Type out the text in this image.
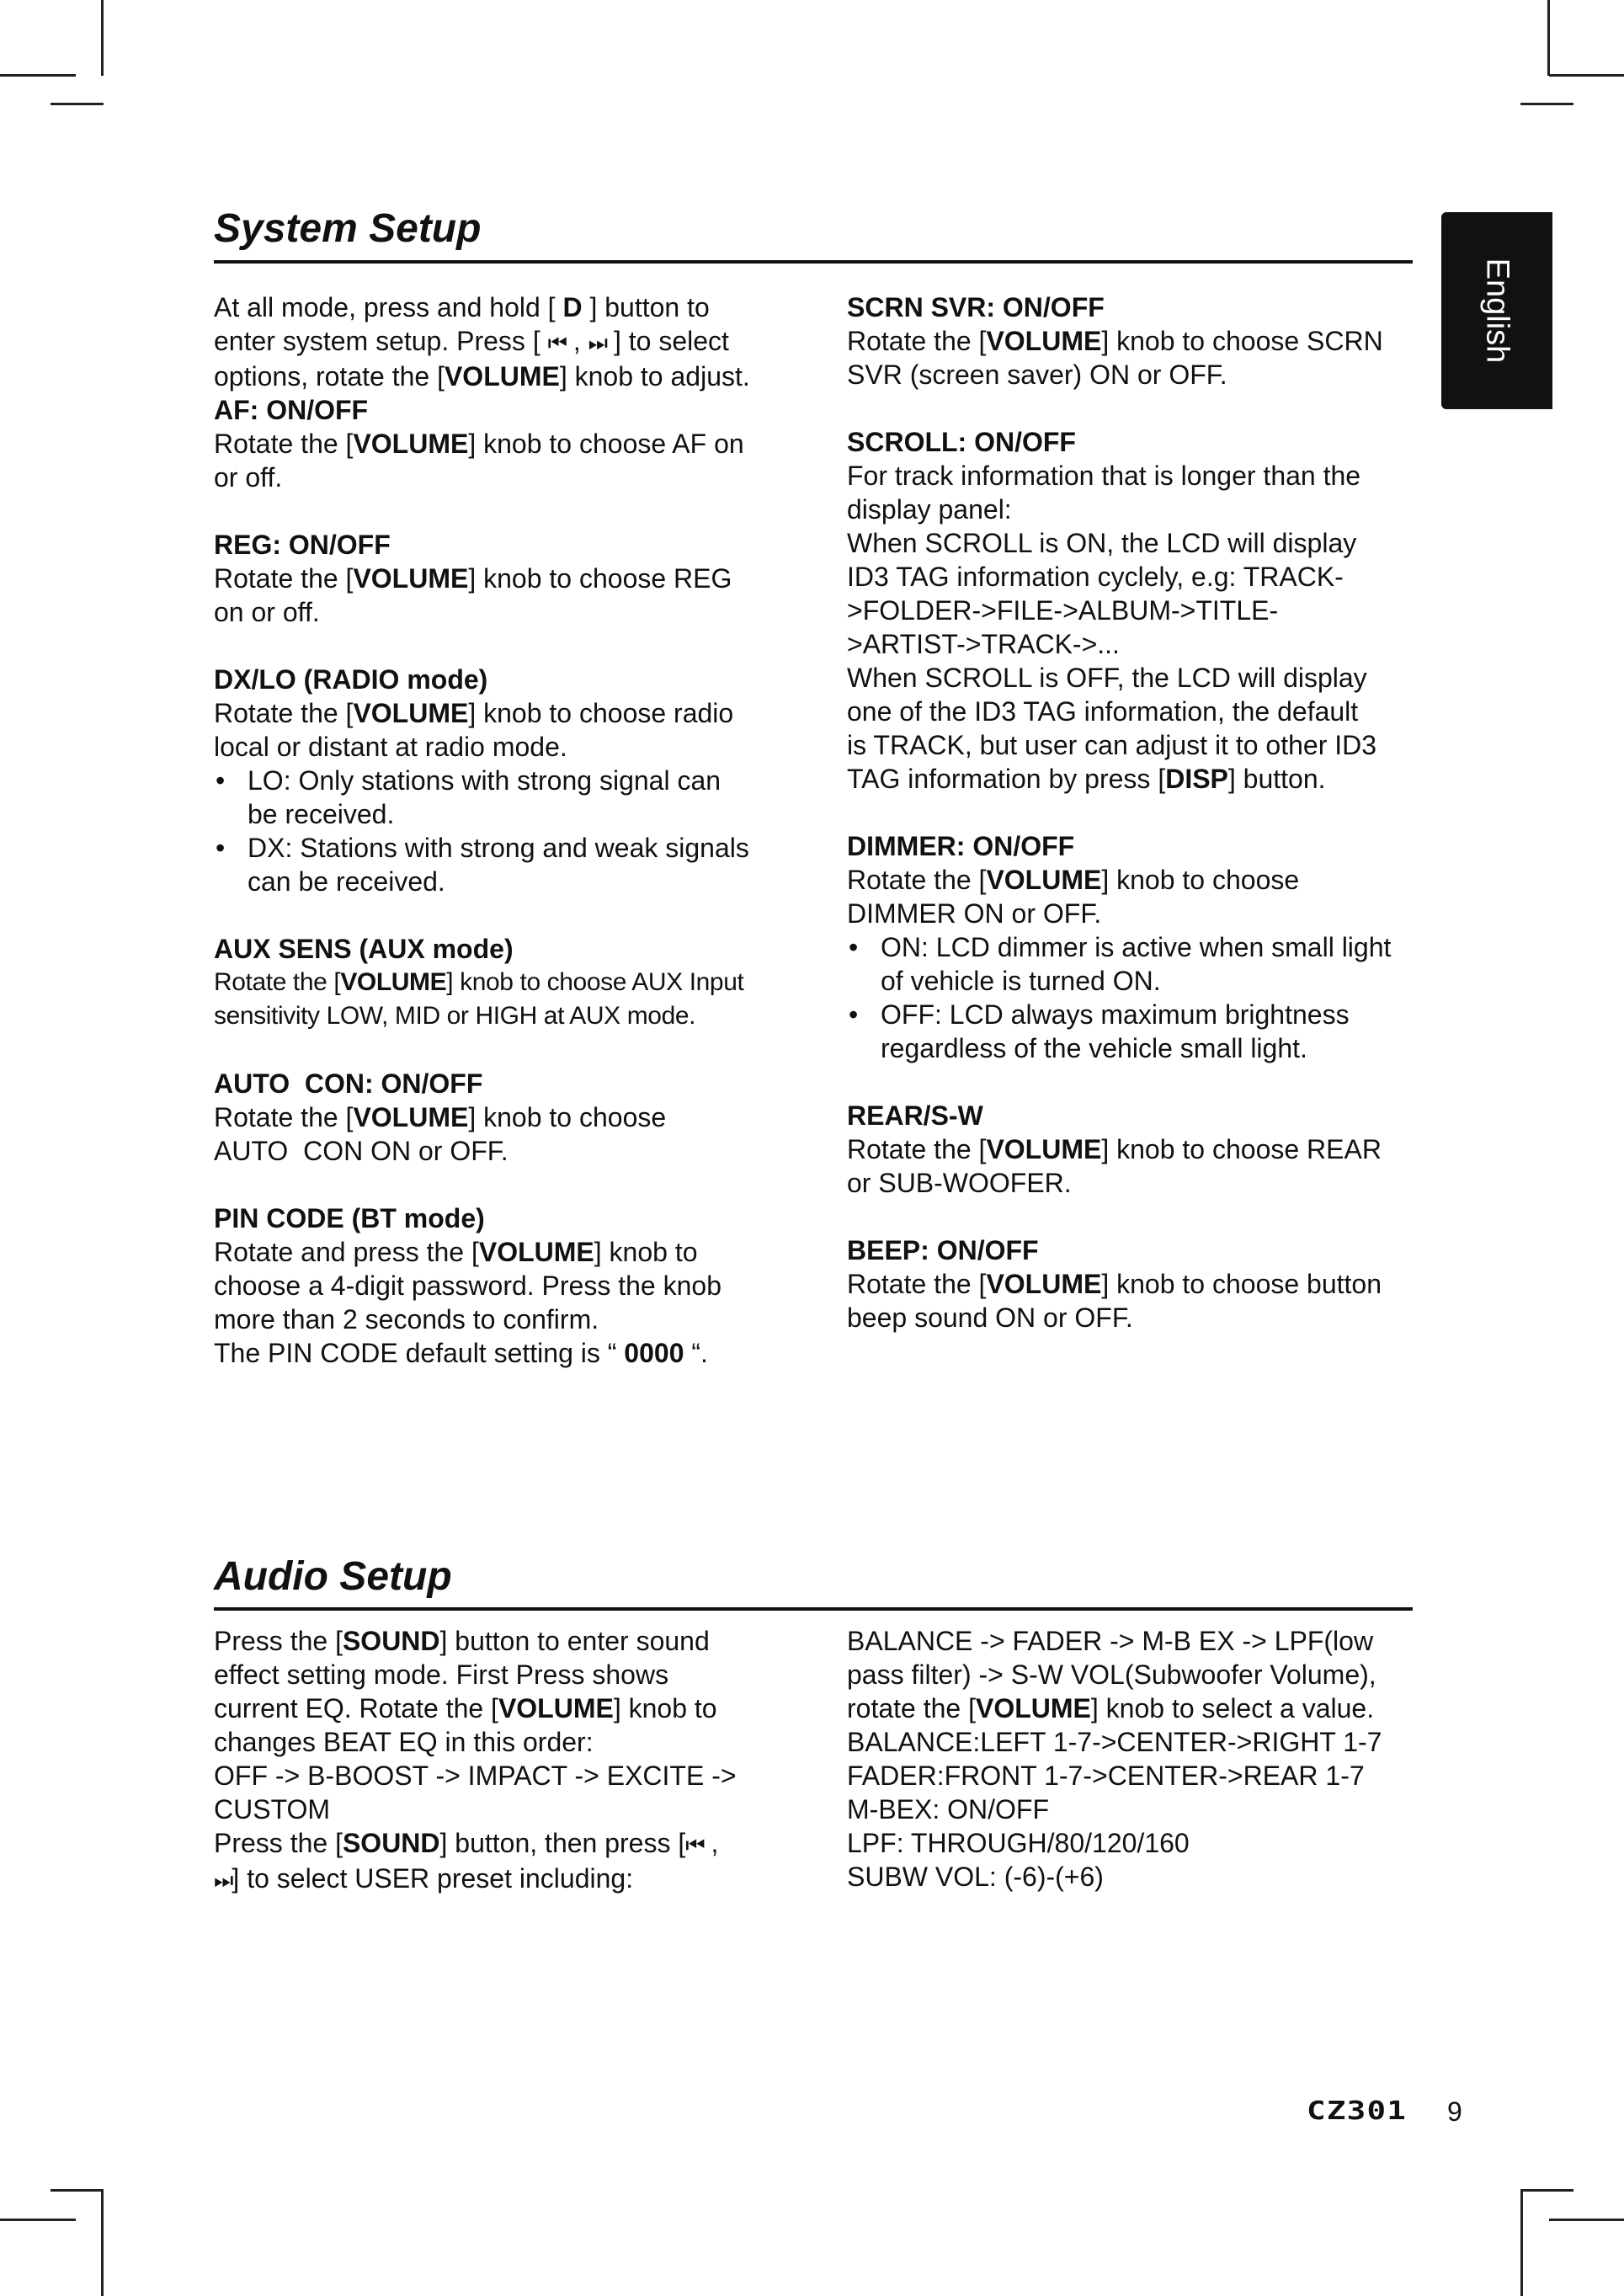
English
System Setup

At all mode, press and hold [ D ] button to
enter system setup. Press [ ⏮ , ⏭ ] to select
options, rotate the [VOLUME] knob to adjust.

AF: ON/OFF

Rotate the [VOLUME] knob to choose AF on
or off.

REG: ON/OFF

Rotate the [VOLUME] knob to choose REG
on or off.

DX/LO (RADIO mode)

Rotate the [VOLUME] knob to choose radio
local or distant at radio mode.

• LO: Only stations with strong signal can
be received.
• DX: Stations with strong and weak signals
can be received.

AUX SENS (AUX mode)

Rotate the [VOLUME] knob to choose AUX Input
sensitivity LOW, MID or HIGH at AUX mode.

AUTO  CON: ON/OFF

Rotate the [VOLUME] knob to choose
AUTO  CON ON or OFF.

PIN CODE (BT mode)

Rotate and press the [VOLUME] knob to
choose a 4-digit password. Press the knob
more than 2 seconds to confirm.
The PIN CODE default setting is “ 0000 “.

SCRN SVR: ON/OFF

Rotate the [VOLUME] knob to choose SCRN
SVR (screen saver) ON or OFF.

SCROLL: ON/OFF

For track information that is longer than the
display panel:
When SCROLL is ON, the LCD will display
ID3 TAG information cyclely, e.g: TRACK-
>FOLDER->FILE->ALBUM->TITLE-
>ARTIST->TRACK->...
When SCROLL is OFF, the LCD will display
one of the ID3 TAG information, the default
is TRACK, but user can adjust it to other ID3
TAG information by press [DISP] button.

DIMMER: ON/OFF

Rotate the [VOLUME] knob to choose
DIMMER ON or OFF.

• ON: LCD dimmer is active when small light
of vehicle is turned ON.
• OFF: LCD always maximum brightness
regardless of the vehicle small light.

REAR/S-W

Rotate the [VOLUME] knob to choose REAR
or SUB-WOOFER.

BEEP: ON/OFF

Rotate the [VOLUME] knob to choose button
beep sound ON or OFF.

Audio Setup

Press the [SOUND] button to enter sound
effect setting mode. First Press shows
current EQ. Rotate the [VOLUME] knob to
changes BEAT EQ in this order:
OFF -> B-BOOST -> IMPACT -> EXCITE ->
CUSTOM

Press the [SOUND] button, then press [⏮ ,
⏭] to select USER preset including:

BALANCE -> FADER -> M-B EX -> LPF(low
pass filter) -> S-W VOL(Subwoofer Volume),
rotate the [VOLUME] knob to select a value.
BALANCE:LEFT 1-7->CENTER->RIGHT 1-7
FADER:FRONT 1-7->CENTER->REAR 1-7
M-BEX: ON/OFF
LPF: THROUGH/80/120/160
SUBW VOL: (-6)-(+6)

CZ301 9
